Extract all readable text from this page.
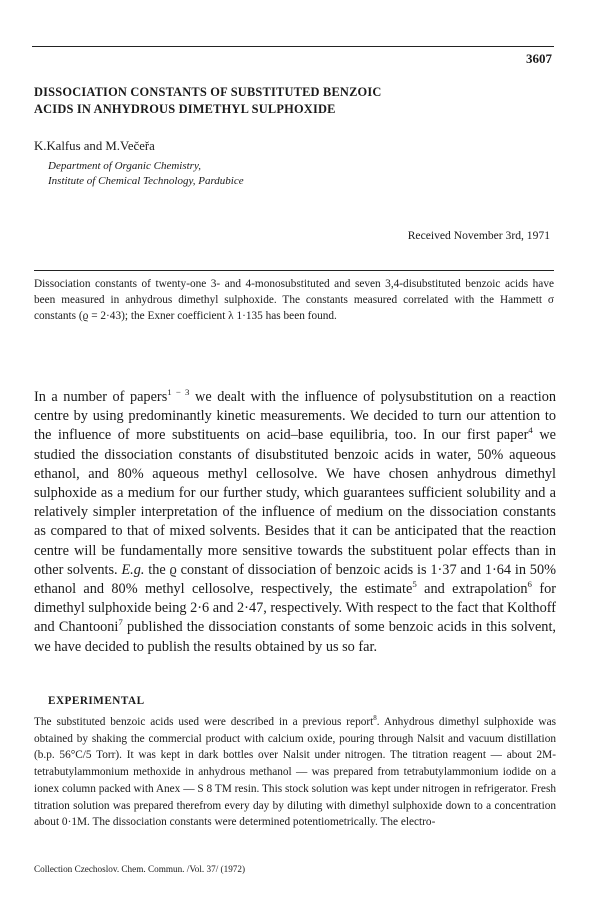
3607
DISSOCIATION CONSTANTS OF SUBSTITUTED BENZOIC
ACIDS IN ANHYDROUS DIMETHYL SULPHOXIDE
K.Kalfus and M.Večeřa
Department of Organic Chemistry,
Institute of Chemical Technology, Pardubice
Received November 3rd, 1971

Dissociation constants of twenty-one 3- and 4-monosubstituted and seven 3,4-disubstituted benzoic acids have been measured in anhydrous dimethyl sulphoxide. The constants measured correlated with the Hammett σ constants (ϱ = 2·43); the Exner coefficient λ 1·135 has been found.

In a number of papers$^{1 - 3}$ we dealt with the influence of polysubstitution on a reaction centre by using predominantly kinetic measurements. We decided to turn our attention to the influence of more substituents on acid–base equilibria, too. In our first paper$^4$ we studied the dissociation constants of disubstituted benzoic acids in water, 50% aqueous ethanol, and 80% aqueous methyl cellosolve. We have chosen anhydrous dimethyl sulphoxide as a medium for our further study, which guarantees sufficient solubility and a relatively simpler interpretation of the influence of medium on the dissociation constants as compared to that of mixed solvents. Besides that it can be anticipated that the reaction centre will be fundamentally more sensitive towards the substituent polar effects than in other solvents. E.g. the ϱ constant of dissociation of benzoic acids is 1·37 and 1·64 in 50% ethanol and 80% methyl cellosolve, respectively, the estimate$^5$ and extrapolation$^6$ for dimethyl sulphoxide being 2·6 and 2·47, respectively. With respect to the fact that Kolthoff and Chantooni$^7$ published the dissociation constants of some benzoic acids in this solvent, we have decided to publish the results obtained by us so far.

EXPERIMENTAL

The substituted benzoic acids used were described in a previous report$^8$. Anhydrous dimethyl sulphoxide was obtained by shaking the commercial product with calcium oxide, pouring through Nalsit and vacuum distillation (b.p. 56°C/5 Torr). It was kept in dark bottles over Nalsit under nitrogen. The titration reagent — about 2M-tetrabutylammonium methoxide in anhydrous methanol — was prepared from tetrabutylammonium iodide on a ionex column packed with Anex — S 8 TM resin. This stock solution was kept under nitrogen in refrigerator. Fresh titration solution was prepared therefrom every day by diluting with dimethyl sulphoxide down to a concentration about 0·1M. The dissociation constants were determined potentiometrically. The electro-

Collection Czechoslov. Chem. Commun. /Vol. 37/ (1972)
